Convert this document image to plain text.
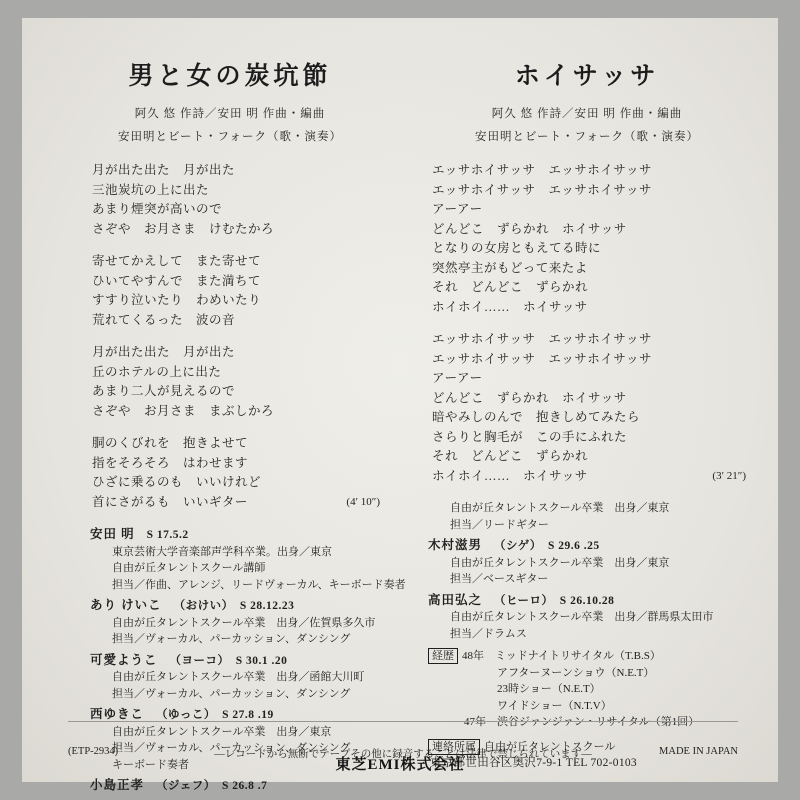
男と女の炭坑節
阿久 悠 作詩／安田 明 作曲・編曲
安田明とビート・フォーク（歌・演奏）
月が出た出た　月が出た
三池炭坑の上に出た
あまり煙突が高いので
さぞや　お月さま　けむたかろ
寄せてかえして　また寄せて
ひいてやすんで　また満ちて
すすり泣いたり　わめいたり
荒れてくるった　波の音
月が出た出た　月が出た
丘のホテルの上に出た
あまり二人が見えるので
さぞや　お月さま　まぶしかろ
胴のくびれを　抱きよせて
指をそろそろ　はわせます
ひざに乗るのも　いいけれど
首にさがるも　いいギター	(4′ 10″)
安田 明 S 17.5.2
東京芸術大学音楽部声学科卒業。出身／東京
自由が丘タレントスクール講師
担当／作曲、アレンジ、リードヴォーカル、キーボード奏者
あり けいこ （おけい）　S 28.12.23
自由が丘タレントスクール卒業　出身／佐賀県多久市
担当／ヴォーカル、パーカッション、ダンシング
可愛ようこ （ヨーコ）　S 30.1 .20
自由が丘タレントスクール卒業　出身／函館大川町
担当／ヴォーカル、パーカッション、ダンシング
西ゆきこ （ゆっこ）　S 27.8 .19
自由が丘タレントスクール卒業　出身／東京
担当／ヴォーカル、パーカッション、ダンシング
キーボード奏者
小島正孝 （ジェフ）　S 26.8 .7
ホイサッサ
阿久 悠 作詩／安田 明 作曲・編曲
安田明とビート・フォーク（歌・演奏）
エッサホイサッサ　エッサホイサッサ
エッサホイサッサ　エッサホイサッサ
アーアー
どんどこ　ずらかれ　ホイサッサ
となりの女房ともえてる時に
突然亭主がもどって来たよ
それ　どんどこ　ずらかれ
ホイホイ……　ホイサッサ
エッサホイサッサ　エッサホイサッサ
エッサホイサッサ　エッサホイサッサ
アーアー
どんどこ　ずらかれ　ホイサッサ
暗やみしのんで　抱きしめてみたら
さらりと胸毛が　この手にふれた
それ　どんどこ　ずらかれ
ホイホイ……　ホイサッサ	(3′ 21″)
自由が丘タレントスクール卒業　出身／東京
担当／リードギター
木村滋男 （シゲ）　S 29.6 .25
自由が丘タレントスクール卒業　出身／東京
担当／ベースギター
高田弘之 （ヒーロ）　S 26.10.28
自由が丘タレントスクール卒業　出身／群馬県太田市
担当／ドラムス
経歴 48年　ミッドナイトリサイタル（T.B.S）
　　　アフターヌーンショウ（N.E.T）
　　　23時ショー（N.E.T）
　　　ワイドショー（N.T.V）
47年　渋谷ジァンジァン・リサイタル（第1回）
連絡所属 自由が丘タレントスクール
東京都世田谷区奥沢7-9-1 TEL 702-0103
(ETP-2934)	—レコードから無断でテープその他に録音することは法律で禁じられています—	MADE IN JAPAN
東芝EMI株式会社
